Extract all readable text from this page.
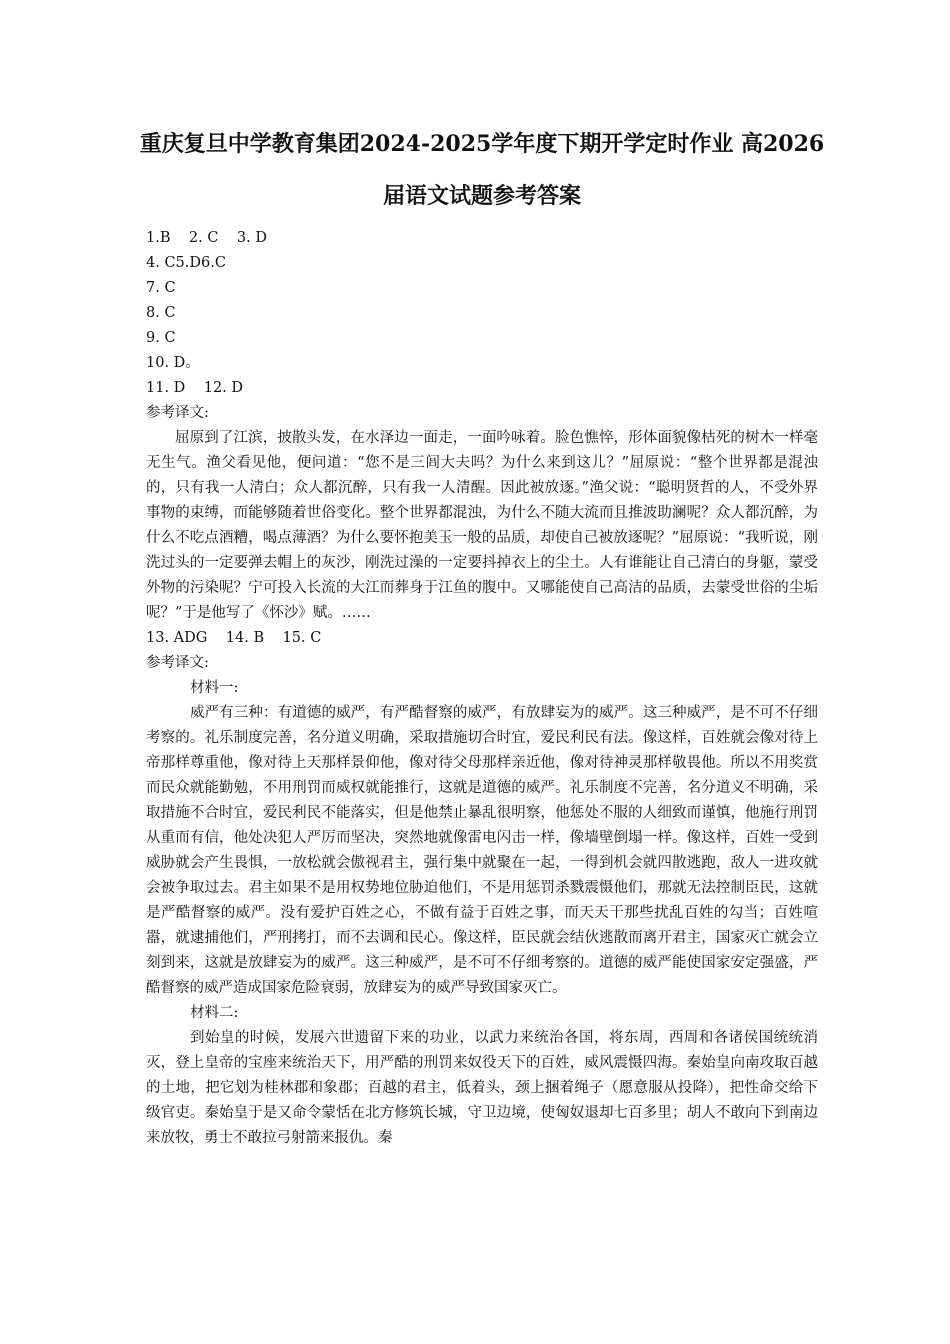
重庆复旦中学教育集团2024-2025学年度下期开学定时作业 高2026
届语文试题参考答案
1.B    2. C    3. D
4. C5.D6.C
7. C
8. C
9. C
10. D。
11. D    12. D
参考译文:

屈原到了江滨，披散头发，在水泽边一面走，一面吟咏着。脸色憔悴，形体面貌像枯死的树木一样毫无生气。渔父看见他，便问道：“您不是三闾大夫吗？为什么来到这儿？”屈原说：“整个世界都是混浊的，只有我一人清白；众人都沉醉，只有我一人清醒。因此被放逐。”渔父说：“聪明贤哲的人，不受外界事物的束缚，而能够随着世俗变化。整个世界都混浊，为什么不随大流而且推波助澜呢？众人都沉醉，为什么不吃点酒糟，喝点薄酒？为什么要怀抱美玉一般的品质，却使自己被放逐呢？”屈原说：“我听说，刚洗过头的一定要弹去帽上的灰沙，刚洗过澡的一定要抖掉衣上的尘土。人有谁能让自己清白的身躯，蒙受外物的污染呢？宁可投入长流的大江而葬身于江鱼的腹中。又哪能使自己高洁的品质，去蒙受世俗的尘垢呢？”于是他写了《怀沙》赋。……

13. ADG    14. B    15. C
参考译文:
材料一:

威严有三种：有道德的威严，有严酷督察的威严，有放肆妄为的威严。这三种威严，是不可不仔细考察的。礼乐制度完善，名分道义明确，采取措施切合时宜，爱民利民有法。像这样，百姓就会像对待上帝那样尊重他，像对待上天那样景仰他，像对待父母那样亲近他，像对待神灵那样敬畏他。所以不用奖赏而民众就能勤勉，不用刑罚而威权就能推行，这就是道德的威严。礼乐制度不完善，名分道义不明确，采取措施不合时宜，爱民利民不能落实，但是他禁止暴乱很明察，他惩处不服的人细致而谨慎，他施行刑罚从重而有信，他处决犯人严厉而坚决，突然地就像雷电闪击一样，像墙壁倒塌一样。像这样，百姓一受到威胁就会产生畏惧，一放松就会傲视君主，强行集中就聚在一起，一得到机会就四散逃跑，敌人一进攻就会被争取过去。君主如果不是用权势地位胁迫他们，不是用惩罚杀戮震慑他们，那就无法控制臣民，这就是严酷督察的威严。没有爱护百姓之心，不做有益于百姓之事，而天天干那些扰乱百姓的勾当；百姓喧嚣，就逮捕他们，严刑拷打，而不去调和民心。像这样，臣民就会结伙逃散而离开君主，国家灭亡就会立刻到来，这就是放肆妄为的威严。这三种威严，是不可不仔细考察的。道德的威严能使国家安定强盛，严酷督察的威严造成国家危险衰弱，放肆妄为的威严导致国家灭亡。

材料二:

到始皇的时候，发展六世遗留下来的功业，以武力来统治各国，将东周，西周和各诸侯国统统消灭，登上皇帝的宝座来统治天下，用严酷的刑罚来奴役天下的百姓，威风震慑四海。秦始皇向南攻取百越的土地，把它划为桂林郡和象郡；百越的君主，低着头，颈上捆着绳子（愿意服从投降），把性命交给下级官吏。秦始皇于是又命令蒙恬在北方修筑长城，守卫边境，使匈奴退却七百多里；胡人不敢向下到南边来放牧，勇士不敢拉弓射箭来报仇。秦
